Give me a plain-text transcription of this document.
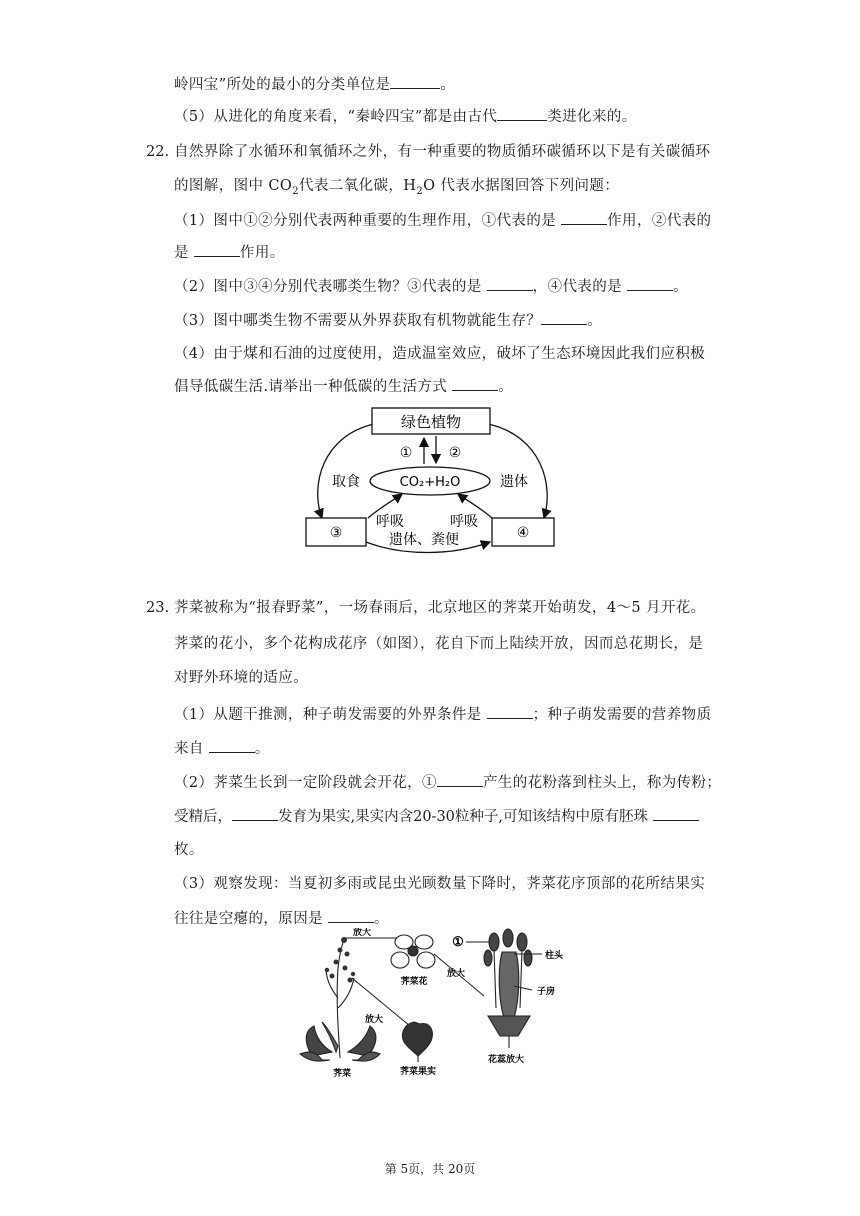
岭四宝”所处的最小的分类单位是	。
（5）从进化的角度来看，“秦岭四宝”都是由古代	类进化来的。
22. 自然界除了水循环和氧循环之外，有一种重要的物质循环碳循环以下是有关碳循环
的图解，图中 $CO_2$代表二氧化碳，$H_2O$ 代表水据图回答下列问题：
（1）图中①②分别代表两种重要的生理作用，①代表的是	作用，②代表的
是	作用。
（2）图中③④分别代表哪类生物？③代表的是	，④代表的是	。
（3）图中哪类生物不需要从外界获取有机物就能生存？	。
（4）由于煤和石油的过度使用，造成温室效应，破坏了生态环境因此我们应积极
倡导低碳生活.请举出一种低碳的生活方式	。
绿色植物
①	②
CO₂+H₂O
取食	遗体
③	④
呼吸	呼吸
遗体、粪便
23. 荠菜被称为“报春野菜”，一场春雨后，北京地区的荠菜开始萌发，4～5 月开花。
荠菜的花小，多个花构成花序（如图），花自下而上陆续开放，因而总花期长，是
对野外环境的适应。
（1）从题干推测，种子萌发需要的外界条件是	；种子萌发需要的营养物质
来自	。
（2）荠菜生长到一定阶段就会开花，①	产生的花粉落到柱头上，称为传粉；
受精后，	发育为果实,果实内含20-30粒种子,可知该结构中原有胚珠
枚。
（3）观察发现：当夏初多雨或昆虫光顾数量下降时，荠菜花序顶部的花所结果实
往往是空瘪的，原因是	。
荠菜
放大
放大
荠菜花
荠菜果实
放大
①
柱头
子房
花蕊放大
第 5页，共 20页
